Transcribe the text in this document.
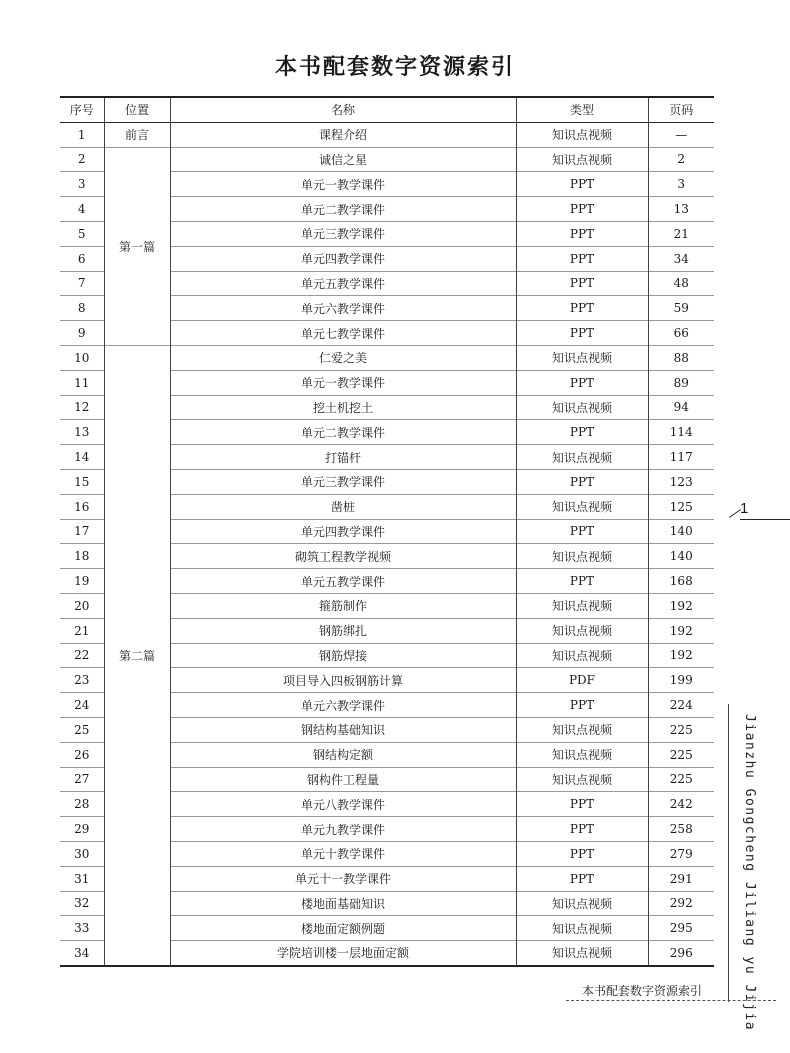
本书配套数字资源索引
序号	位置	名称	类型	页码
1	前言	课程介绍	知识点视频	—
2	第一篇	诚信之星	知识点视频	2
3		单元一教学课件	PPT	3
4		单元二教学课件	PPT	13
5		单元三教学课件	PPT	21
6		单元四教学课件	PPT	34
7		单元五教学课件	PPT	48
8		单元六教学课件	PPT	59
9		单元七教学课件	PPT	66
10	第二篇	仁爱之美	知识点视频	88
11		单元一教学课件	PPT	89
12		挖土机挖土	知识点视频	94
13		单元二教学课件	PPT	114
14		打锚杆	知识点视频	117
15		单元三教学课件	PPT	123
16		凿桩	知识点视频	125
17		单元四教学课件	PPT	140
18		砌筑工程教学视频	知识点视频	140
19		单元五教学课件	PPT	168
20		箍筋制作	知识点视频	192
21		钢筋绑扎	知识点视频	192
22		钢筋焊接	知识点视频	192
23		项目导入四板钢筋计算	PDF	199
24		单元六教学课件	PPT	224
25		钢结构基础知识	知识点视频	225
26		钢结构定额	知识点视频	225
27		钢构件工程量	知识点视频	225
28		单元八教学课件	PPT	242
29		单元九教学课件	PPT	258
30		单元十教学课件	PPT	279
31		单元十一教学课件	PPT	291
32		楼地面基础知识	知识点视频	292
33		楼地面定额例题	知识点视频	295
34		学院培训楼一层地面定额	知识点视频	296
1
Jianzhu Gongcheng Jiliang yu Jijia
本书配套数字资源索引
